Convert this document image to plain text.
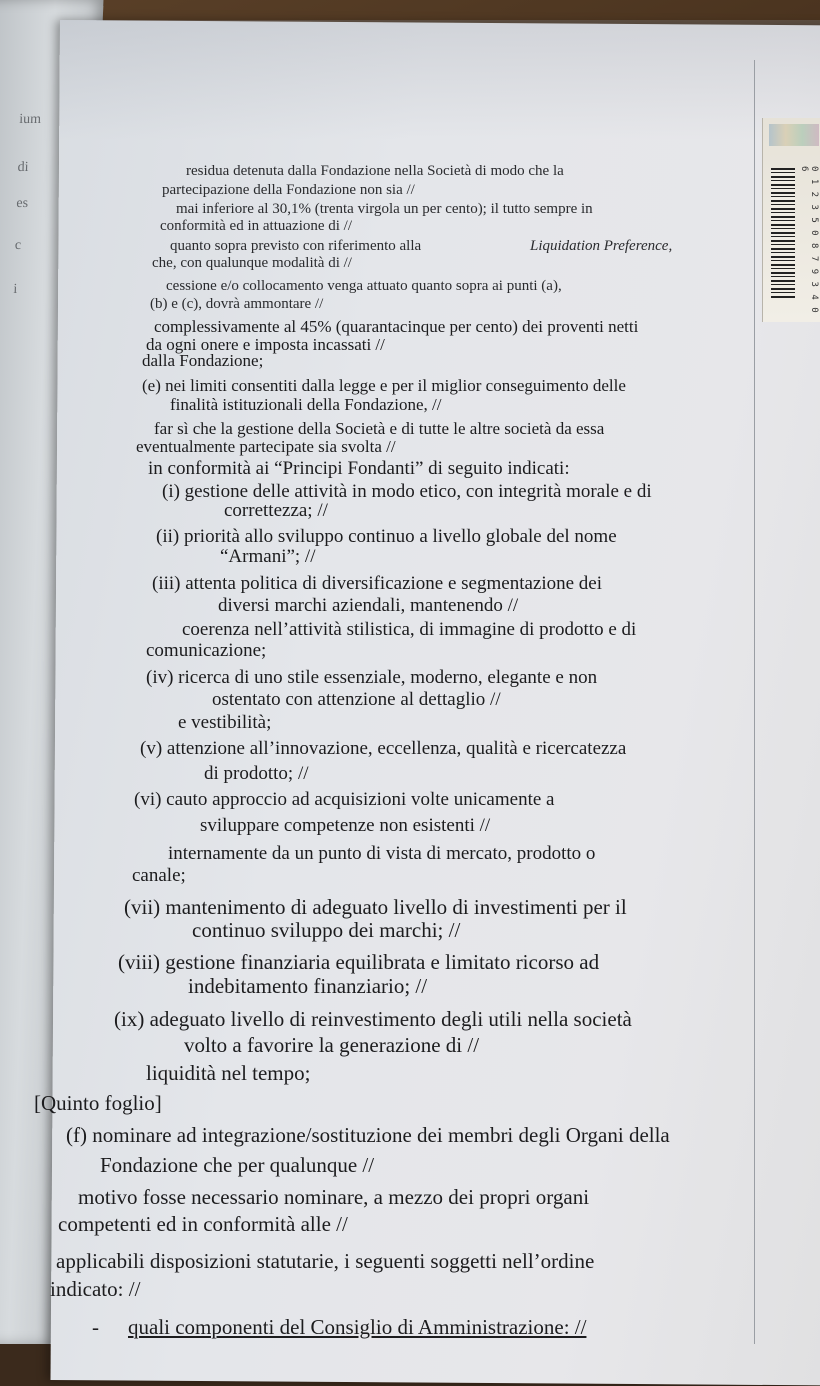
ium
di
es
c
i	0 1 2 3 5 0 8 7 9 3 4 0 6
residua detenuta dalla Fondazione nella Società di modo che la
partecipazione della Fondazione non sia //
mai inferiore al 30,1% (trenta virgola un per cento); il tutto sempre in
conformità ed in attuazione di //
quanto sopra previsto con riferimento alla	Liquidation Preference,
che, con qualunque modalità di //
cessione e/o collocamento venga attuato quanto sopra ai punti (a),
(b) e (c), dovrà ammontare //
complessivamente al 45% (quarantacinque per cento) dei proventi netti
da ogni onere e imposta incassati //
dalla Fondazione;
(e) nei limiti consentiti dalla legge e per il miglior conseguimento delle
finalità istituzionali della Fondazione, //
far sì che la gestione della Società e di tutte le altre società da essa
eventualmente partecipate sia svolta //
in conformità ai “Principi Fondanti” di seguito indicati:
(i) gestione delle attività in modo etico, con integrità morale e di
correttezza; //
(ii) priorità allo sviluppo continuo a livello globale del nome
“Armani”; //
(iii) attenta politica di diversificazione e segmentazione dei
diversi marchi aziendali, mantenendo //
coerenza nell’attività stilistica, di immagine di prodotto e di
comunicazione;
(iv) ricerca di uno stile essenziale, moderno, elegante e non
ostentato con attenzione al dettaglio //
e vestibilità;
(v) attenzione all’innovazione, eccellenza, qualità e ricercatezza
di prodotto; //
(vi) cauto approccio ad acquisizioni volte unicamente a
sviluppare competenze non esistenti //
internamente da un punto di vista di mercato, prodotto o
canale;
(vii) mantenimento di adeguato livello di investimenti per il
continuo sviluppo dei marchi; //
(viii) gestione finanziaria equilibrata e limitato ricorso ad
indebitamento finanziario; //
(ix) adeguato livello di reinvestimento degli utili nella società
volto a favorire la generazione di //
liquidità nel tempo;
[Quinto foglio]
(f) nominare ad integrazione/sostituzione dei membri degli Organi della
Fondazione che per qualunque //
motivo fosse necessario nominare, a mezzo dei propri organi
competenti ed in conformità alle //
applicabili disposizioni statutarie, i seguenti soggetti nell’ordine
indicato: //
- quali componenti del Consiglio di Amministrazione: //
